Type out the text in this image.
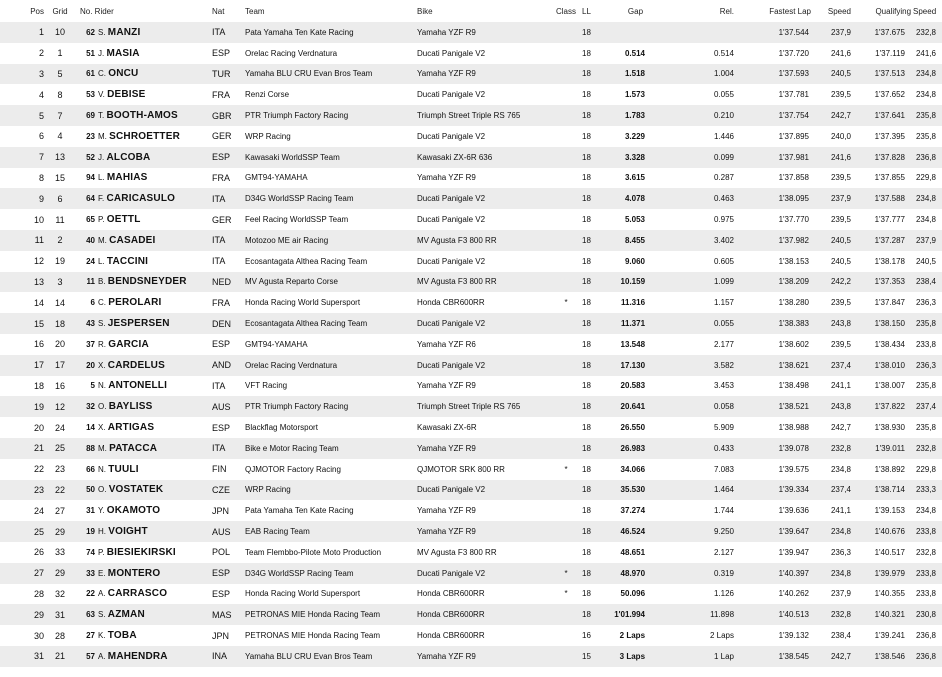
Pos	Grid	No. Rider		Nat	Team	Bike	Class	LL	Gap	Rel.	Fastest Lap	Speed	Qualifying	Speed
1	10	62	S. MANZI	ITA	Pata Yamaha Ten Kate Racing	Yamaha YZF R9		18			1'37.544	237,9	1'37.675	232,8
2	1	51	J. MASIA	ESP	Orelac Racing Verdnatura	Ducati Panigale V2		18	0.514	0.514	1'37.720	241,6	1'37.119	241,6
3	5	61	C. ONCU	TUR	Yamaha BLU CRU Evan Bros Team	Yamaha YZF R9		18	1.518	1.004	1'37.593	240,5	1'37.513	234,8
4	8	53	V. DEBISE	FRA	Renzi Corse	Ducati Panigale V2		18	1.573	0.055	1'37.781	239,5	1'37.652	234,8
5	7	69	T. BOOTH-AMOS	GBR	PTR Triumph Factory Racing	Triumph Street Triple RS 765		18	1.783	0.210	1'37.754	242,7	1'37.641	235,8
6	4	23	M. SCHROETTER	GER	WRP Racing	Ducati Panigale V2		18	3.229	1.446	1'37.895	240,0	1'37.395	235,8
7	13	52	J. ALCOBA	ESP	Kawasaki WorldSSP Team	Kawasaki ZX-6R 636		18	3.328	0.099	1'37.981	241,6	1'37.828	236,8
8	15	94	L. MAHIAS	FRA	GMT94-YAMAHA	Yamaha YZF R9		18	3.615	0.287	1'37.858	239,5	1'37.855	229,8
9	6	64	F. CARICASULO	ITA	D34G WorldSSP Racing Team	Ducati Panigale V2		18	4.078	0.463	1'38.095	237,9	1'37.588	234,8
10	11	65	P. OETTL	GER	Feel Racing WorldSSP Team	Ducati Panigale V2		18	5.053	0.975	1'37.770	239,5	1'37.777	234,8
11	2	40	M. CASADEI	ITA	Motozoo ME air Racing	MV Agusta F3 800 RR		18	8.455	3.402	1'37.982	240,5	1'37.287	237,9
12	19	24	L. TACCINI	ITA	Ecosantagata Althea Racing Team	Ducati Panigale V2		18	9.060	0.605	1'38.153	240,5	1'38.178	240,5
13	3	11	B. BENDSNEYDER	NED	MV Agusta Reparto Corse	MV Agusta F3 800 RR		18	10.159	1.099	1'38.209	242,2	1'37.353	238,4
14	14	6	C. PEROLARI	FRA	Honda Racing World Supersport	Honda CBR600RR	*	18	11.316	1.157	1'38.280	239,5	1'37.847	236,3
15	18	43	S. JESPERSEN	DEN	Ecosantagata Althea Racing Team	Ducati Panigale V2		18	11.371	0.055	1'38.383	243,8	1'38.150	235,8
16	20	37	R. GARCIA	ESP	GMT94-YAMAHA	Yamaha YZF R6		18	13.548	2.177	1'38.602	239,5	1'38.434	233,8
17	17	20	X. CARDELUS	AND	Orelac Racing Verdnatura	Ducati Panigale V2		18	17.130	3.582	1'38.621	237,4	1'38.010	236,3
18	16	5	N. ANTONELLI	ITA	VFT Racing	Yamaha YZF R9		18	20.583	3.453	1'38.498	241,1	1'38.007	235,8
19	12	32	O. BAYLISS	AUS	PTR Triumph Factory Racing	Triumph Street Triple RS 765		18	20.641	0.058	1'38.521	243,8	1'37.822	237,4
20	24	14	X. ARTIGAS	ESP	Blackflag Motorsport	Kawasaki ZX-6R		18	26.550	5.909	1'38.988	242,7	1'38.930	235,8
21	25	88	M. PATACCA	ITA	Bike e Motor Racing Team	Yamaha YZF R9		18	26.983	0.433	1'39.078	232,8	1'39.011	232,8
22	23	66	N. TUULI	FIN	QJMOTOR Factory Racing	QJMOTOR SRK 800 RR	*	18	34.066	7.083	1'39.575	234,8	1'38.892	229,8
23	22	50	O. VOSTATEK	CZE	WRP Racing	Ducati Panigale V2		18	35.530	1.464	1'39.334	237,4	1'38.714	233,3
24	27	31	Y. OKAMOTO	JPN	Pata Yamaha Ten Kate Racing	Yamaha YZF R9		18	37.274	1.744	1'39.636	241,1	1'39.153	234,8
25	29	19	H. VOIGHT	AUS	EAB Racing Team	Yamaha YZF R9		18	46.524	9.250	1'39.647	234,8	1'40.676	233,8
26	33	74	P. BIESIEKIRSKI	POL	Team Flembbo-Pilote Moto Production	MV Agusta F3 800 RR		18	48.651	2.127	1'39.947	236,3	1'40.517	232,8
27	29	33	E. MONTERO	ESP	D34G WorldSSP Racing Team	Ducati Panigale V2	*	18	48.970	0.319	1'40.397	234,8	1'39.979	233,8
28	32	22	A. CARRASCO	ESP	Honda Racing World Supersport	Honda CBR600RR	*	18	50.096	1.126	1'40.262	237,9	1'40.355	233,8
29	31	63	S. AZMAN	MAS	PETRONAS MIE Honda Racing Team	Honda CBR600RR		18	1'01.994	11.898	1'40.513	232,8	1'40.321	230,8
30	28	27	K. TOBA	JPN	PETRONAS MIE Honda Racing Team	Honda CBR600RR		16	2 Laps	2 Laps	1'39.132	238,4	1'39.241	236,8
31	21	57	A. MAHENDRA	INA	Yamaha BLU CRU Evan Bros Team	Yamaha YZF R9		15	3 Laps	1 Lap	1'38.545	242,7	1'38.546	236,8
